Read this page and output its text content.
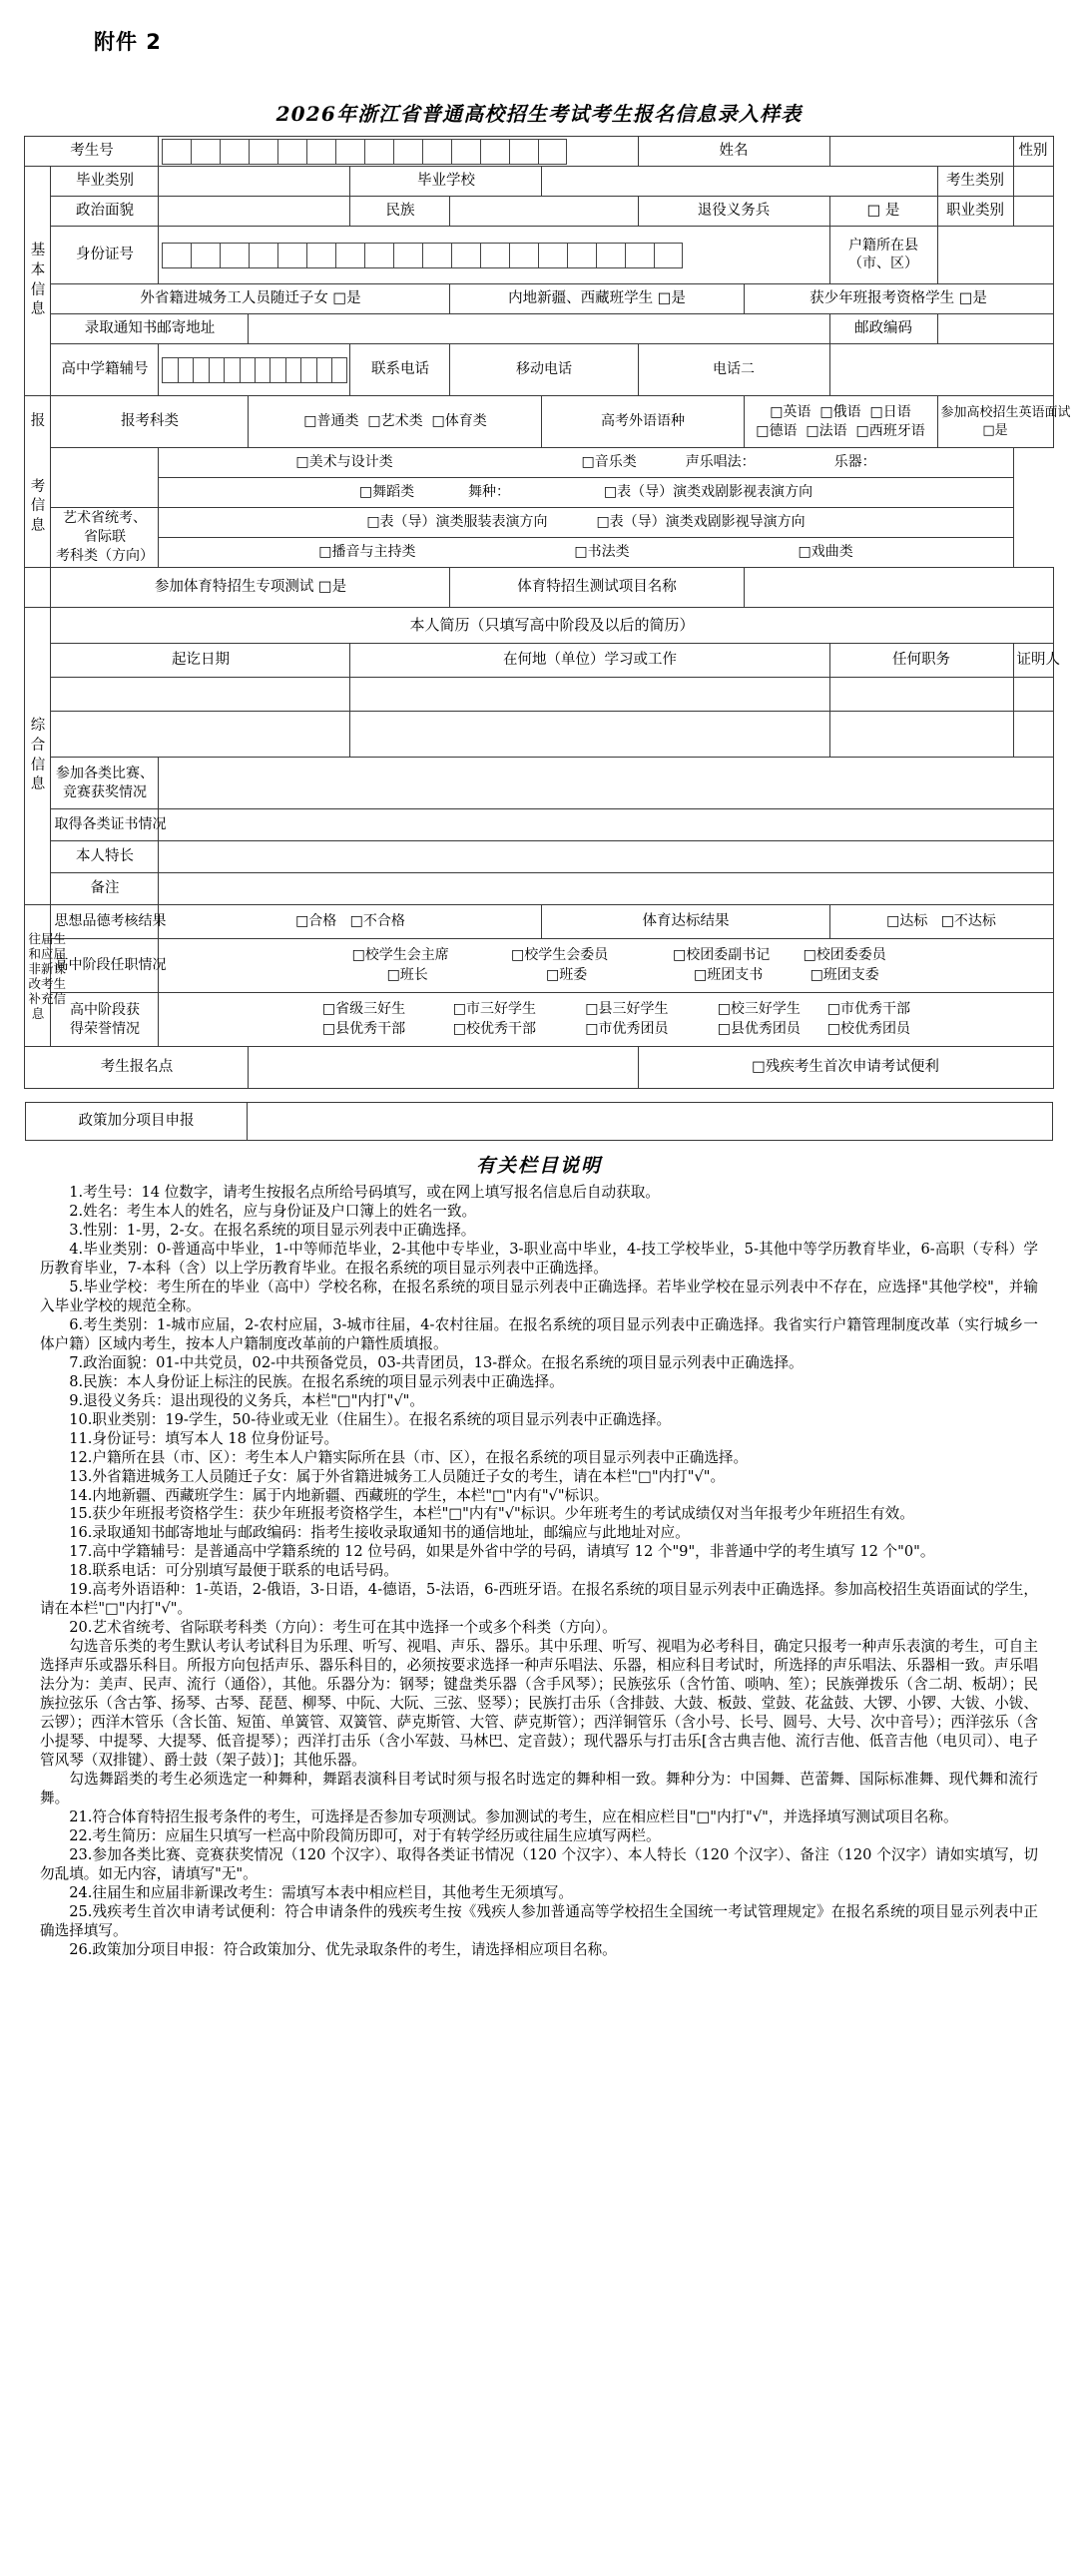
附件 2
2026年浙江省普通高校招生考试考生报名信息录入样表
考生号							姓名				性别

基
本
信
息	毕业类别			毕业学校						考生类别	
	政治面貌			民族			退役义务兵		□ 是	职业类别	
	身份证号								户籍所在县
（市、区）		
	外省籍进城务工人员随迁子女 □是				内地新疆、西藏班学生 □是			获少年班报考资格学生 □是			
	录取通知书邮寄地址								邮政编码		
	高中学籍辅号			联系电话	移动电话		电话二				

报	报考科类		□普通类 □艺术类 □体育类			高考外语语种		□英语 □俄语 □日语
□德语 □法语 □西班牙语		参加高校招生英语面试□是	

考
信
息		□美术与设计类 □音乐类 声乐唱法： 乐器：									
		□舞蹈类 舞种： □表（导）演类戏剧影视表演方向									
	艺术省统考、省际联
考科类（方向）	□表（导）演类服装表演方向 □表（导）演类戏剧影视导演方向									
		□播音与主持类 □书法类 □戏曲类									
	参加体育特招生专项测试 □是				体育特招生测试项目名称						

综
合
信
息	本人简历（只填写高中阶段及以后的简历）										
	起讫日期			在何地（单位）学习或工作					任何职务		证明人

	参加各类比赛、
竞赛获奖情况										
	取得各类证书情况										
	本人特长										
	备注										

往届生
和应届
非新课
改考生
补充信
息
	思想品德考核结果	□合格 □不合格	体育达标结果	□达标 □不达标
	高中阶段任职情况	□校学生会主席 □校学生会委员 □校团委副书记 □校团委委员
□班长 □班委 □班团支书 □班团支委									
	高中阶段获
得荣誉情况	□省级三好生 □市三好学生 □县三好学生 □校三好学生 □市优秀干部
□县优秀干部 □校优秀干部 □市优秀团员 □县优秀团员 □校优秀团员									
考生报名点							□残疾考生首次申请考试便利				
政策加分项目申报	
有关栏目说明

1.考生号：14 位数字，请考生按报名点所给号码填写，或在网上填写报名信息后自动获取。

2.姓名：考生本人的姓名，应与身份证及户口簿上的姓名一致。

3.性别：1-男，2-女。在报名系统的项目显示列表中正确选择。

4.毕业类别：0-普通高中毕业，1-中等师范毕业，2-其他中专毕业，3-职业高中毕业，4-技工学校毕业，5-其他中等学历教育毕业，6-高职（专科）学历教育毕业，7-本科（含）以上学历教育毕业。在报名系统的项目显示列表中正确选择。

5.毕业学校：考生所在的毕业（高中）学校名称，在报名系统的项目显示列表中正确选择。若毕业学校在显示列表中不存在，应选择"其他学校"，并输入毕业学校的规范全称。

6.考生类别：1-城市应届，2-农村应届，3-城市往届，4-农村往届。在报名系统的项目显示列表中正确选择。我省实行户籍管理制度改革（实行城乡一体户籍）区域内考生，按本人户籍制度改革前的户籍性质填报。

7.政治面貌：01-中共党员，02-中共预备党员，03-共青团员，13-群众。在报名系统的项目显示列表中正确选择。

8.民族：本人身份证上标注的民族。在报名系统的项目显示列表中正确选择。

9.退役义务兵：退出现役的义务兵，本栏"□"内打"√"。

10.职业类别：19-学生，50-待业或无业（住届生）。在报名系统的项目显示列表中正确选择。

11.身份证号：填写本人 18 位身份证号。

12.户籍所在县（市、区）：考生本人户籍实际所在县（市、区），在报名系统的项目显示列表中正确选择。

13.外省籍进城务工人员随迁子女：属于外省籍进城务工人员随迁子女的考生，请在本栏"□"内打"√"。

14.内地新疆、西藏班学生：属于内地新疆、西藏班的学生，本栏"□"内有"√"标识。

15.获少年班报考资格学生：获少年班报考资格学生，本栏"□"内有"√"标识。少年班考生的考试成绩仅对当年报考少年班招生有效。

16.录取通知书邮寄地址与邮政编码：指考生接收录取通知书的通信地址，邮编应与此地址对应。

17.高中学籍辅号：是普通高中学籍系统的 12 位号码，如果是外省中学的号码，请填写 12 个"9"，非普通中学的考生填写 12 个"0"。

18.联系电话：可分别填写最便于联系的电话号码。

19.高考外语语种：1-英语，2-俄语，3-日语，4-德语，5-法语，6-西班牙语。在报名系统的项目显示列表中正确选择。参加高校招生英语面试的学生，请在本栏"□"内打"√"。

20.艺术省统考、省际联考科类（方向）：考生可在其中选择一个或多个科类（方向）。

勾选音乐类的考生默认考认考试科目为乐理、听写、视唱、声乐、器乐。其中乐理、听写、视唱为必考科目，确定只报考一种声乐表演的考生，可自主选择声乐或器乐科目。所报方向包括声乐、器乐科目的，必须按要求选择一种声乐唱法、乐器，相应科目考试时，所选择的声乐唱法、乐器相一致。声乐唱法分为：美声、民声、流行（通俗），其他。乐器分为：钢琴；键盘类乐器（含手风琴）；民族弦乐（含竹笛、唢呐、笙）；民族弹拨乐（含二胡、板胡）；民族拉弦乐（含古筝、扬琴、古琴、琵琶、柳琴、中阮、大阮、三弦、竖琴）；民族打击乐（含排鼓、大鼓、板鼓、堂鼓、花盆鼓、大锣、小锣、大钹、小钹、云锣）；西洋木管乐（含长笛、短笛、单簧管、双簧管、萨克斯管、大管、萨克斯管）；西洋铜管乐（含小号、长号、圆号、大号、次中音号）；西洋弦乐（含小提琴、中提琴、大提琴、低音提琴）；西洋打击乐（含小军鼓、马林巴、定音鼓）；现代器乐与打击乐[含古典吉他、流行吉他、低音吉他（电贝司）、电子管风琴（双排键）、爵士鼓（架子鼓）]；其他乐器。

勾选舞蹈类的考生必须选定一种舞种，舞蹈表演科目考试时须与报名时选定的舞种相一致。舞种分为：中国舞、芭蕾舞、国际标准舞、现代舞和流行舞。

21.符合体育特招生报考条件的考生，可选择是否参加专项测试。参加测试的考生，应在相应栏目"□"内打"√"，并选择填写测试项目名称。

22.考生简历：应届生只填写一栏高中阶段简历即可，对于有转学经历或往届生应填写两栏。

23.参加各类比赛、竞赛获奖情况（120 个汉字）、取得各类证书情况（120 个汉字）、本人特长（120 个汉字）、备注（120 个汉字）请如实填写，切勿乱填。如无内容，请填写"无"。

24.往届生和应届非新课改考生：需填写本表中相应栏目，其他考生无须填写。

25.残疾考生首次申请考试便利：符合申请条件的残疾考生按《残疾人参加普通高等学校招生全国统一考试管理规定》在报名系统的项目显示列表中正确选择填写。

26.政策加分项目申报：符合政策加分、优先录取条件的考生，请选择相应项目名称。
